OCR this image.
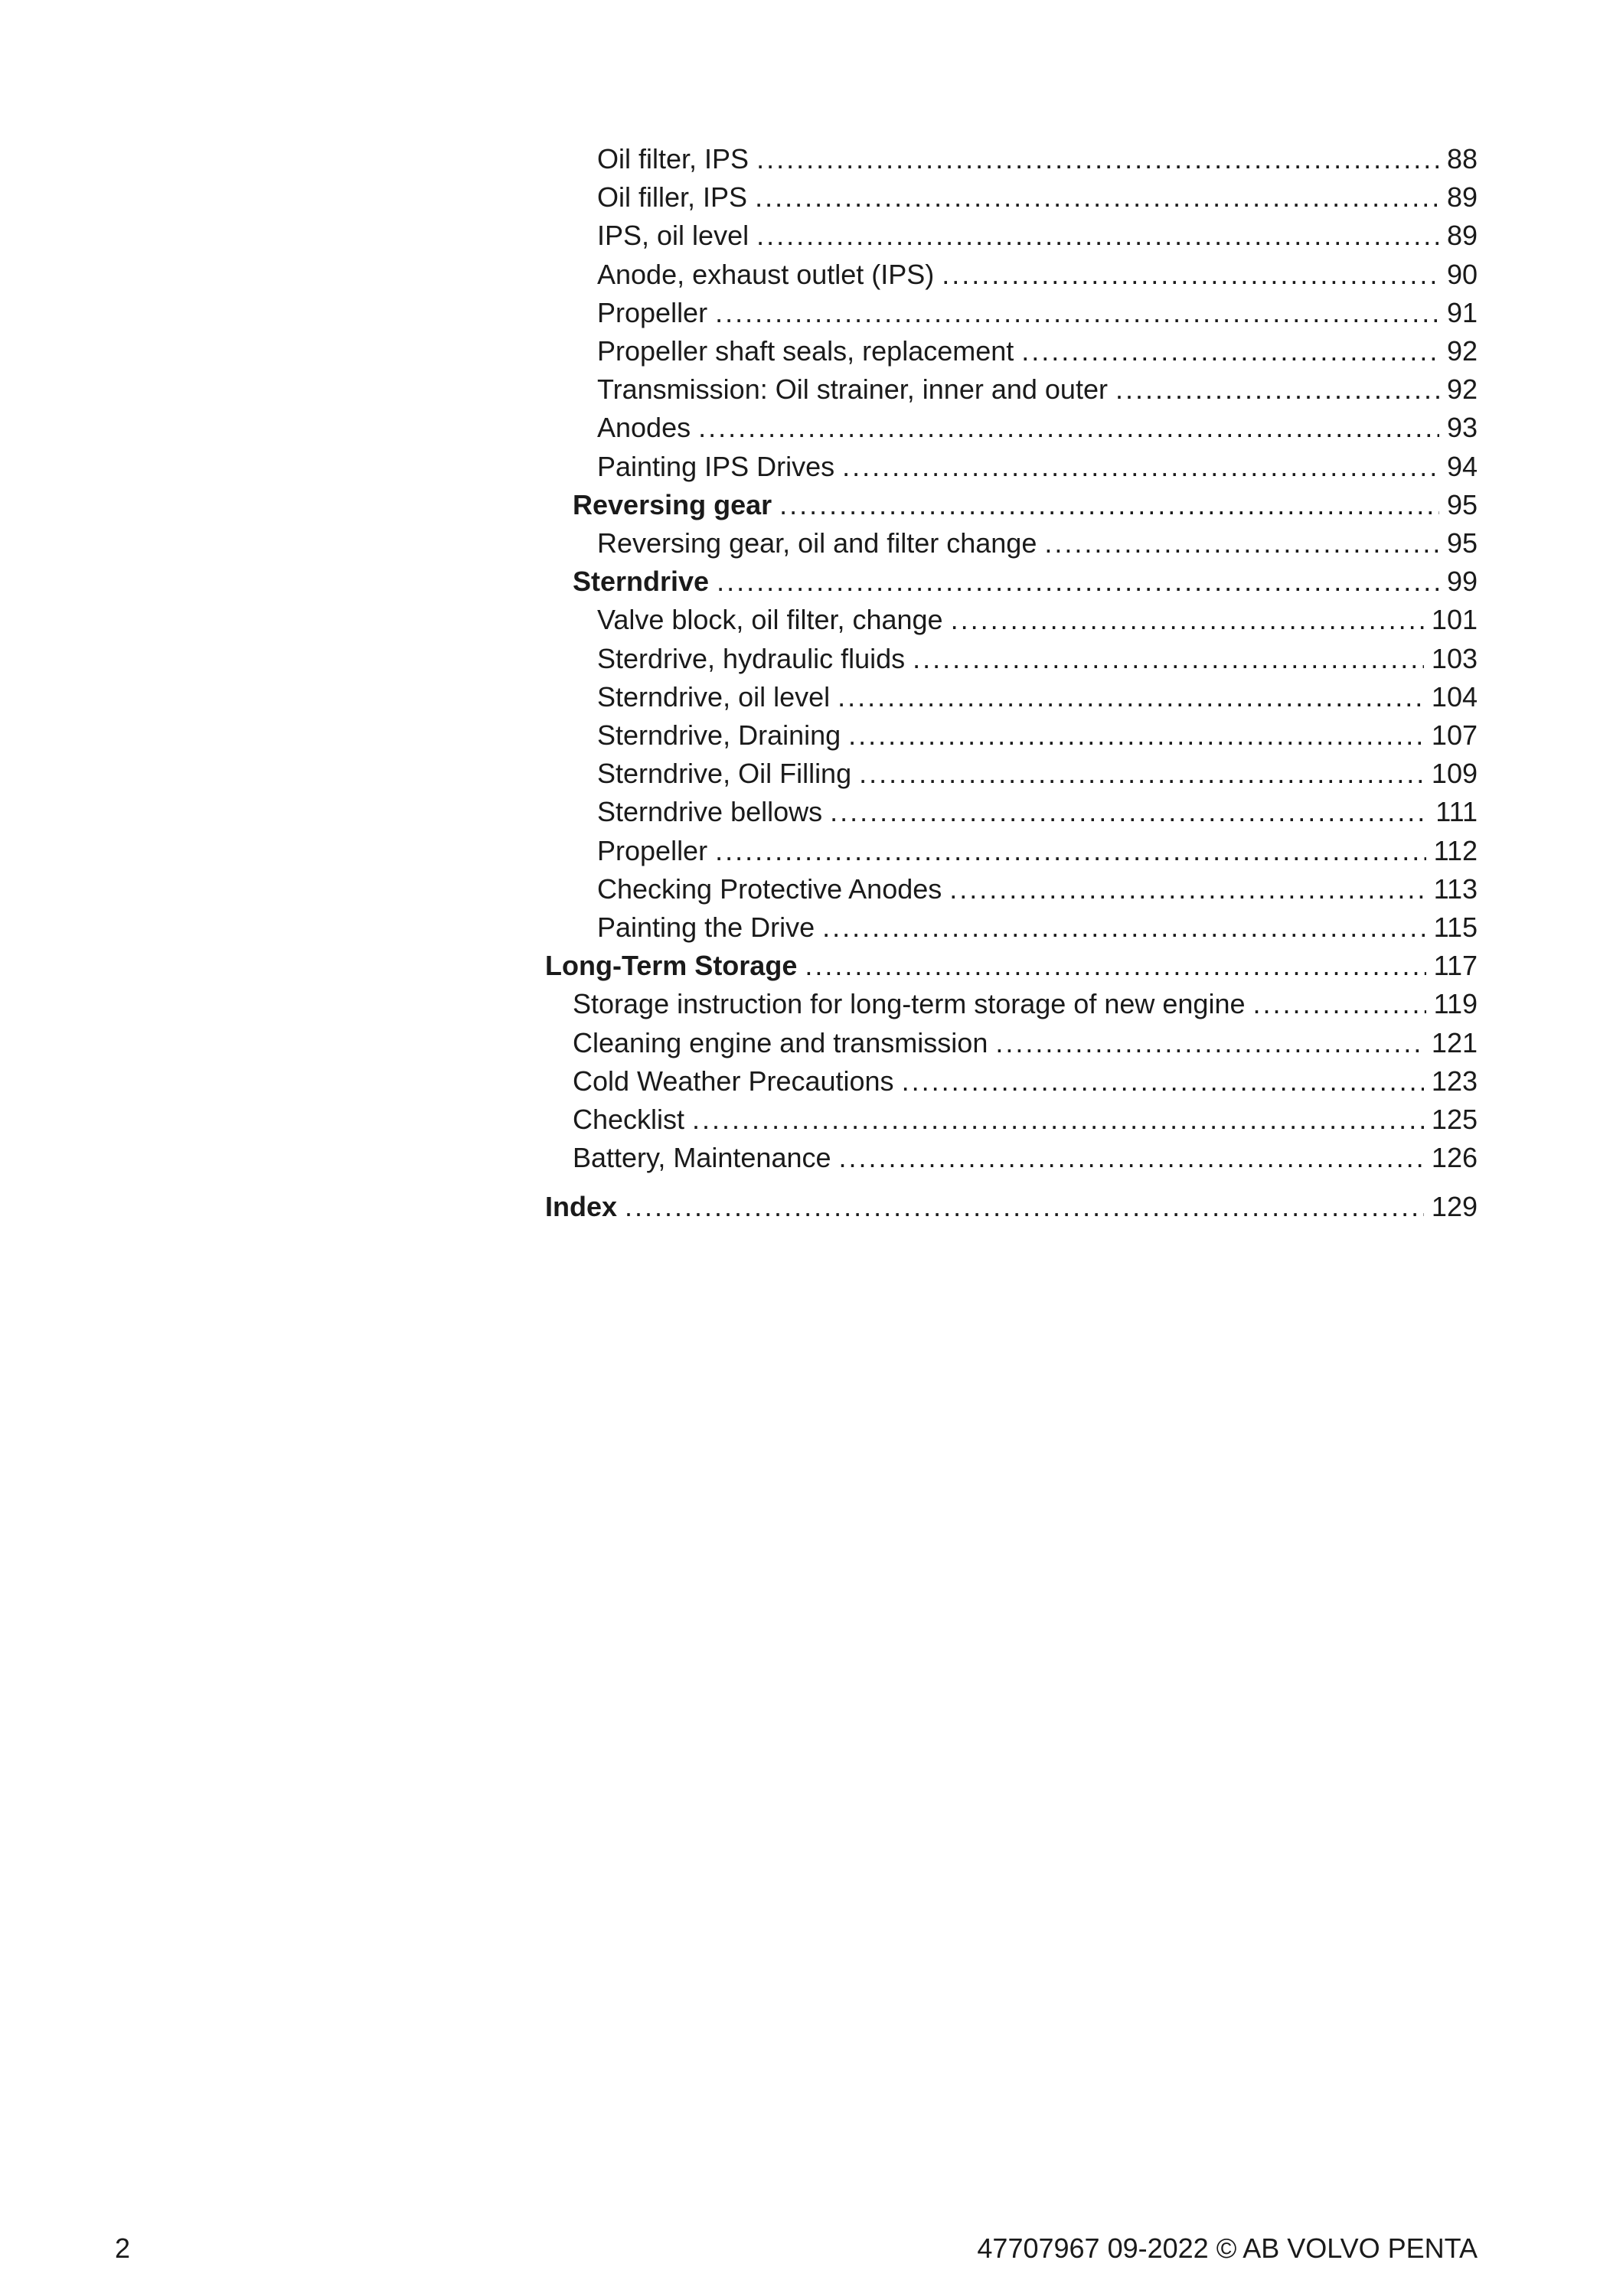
Oil filter, IPS .....	88
Oil filler, IPS .....	89
IPS, oil level .....	89
Anode, exhaust outlet (IPS) .....	90
Propeller .....	91
Propeller shaft seals, replacement .....	92
Transmission: Oil strainer, inner and outer .....	92
Anodes .....	93
Painting IPS Drives .....	94
Reversing gear .....	95
Reversing gear, oil and filter change .....	95
Sterndrive .....	99
Valve block, oil filter, change .....	101
Sterdrive, hydraulic fluids .....	103
Sterndrive, oil level .....	104
Sterndrive, Draining .....	107
Sterndrive, Oil Filling .....	109
Sterndrive bellows .....	111
Propeller .....	112
Checking Protective Anodes .....	113
Painting the Drive .....	115
Long-Term Storage .....	117
Storage instruction for long-term storage of new engine .....	119
Cleaning engine and transmission .....	121
Cold Weather Precautions .....	123
Checklist .....	125
Battery, Maintenance .....	126
Index .....	129
2	47707967 09-2022 © AB VOLVO PENTA
